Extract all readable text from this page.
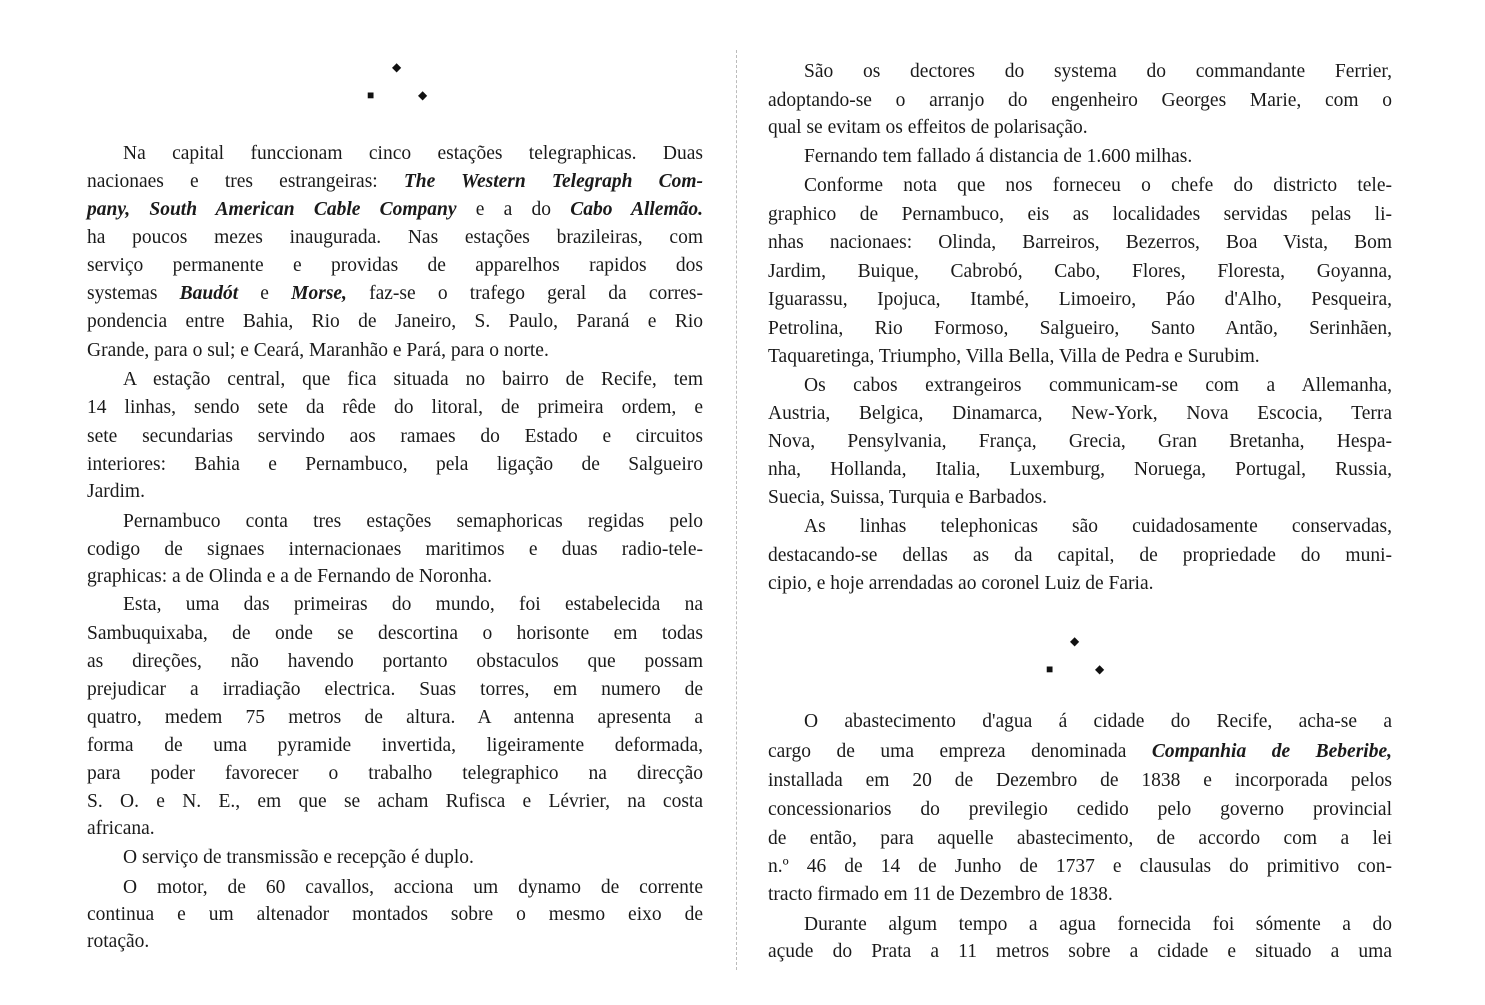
◆
■	◆
◆
■	◆
Na capital funccionam cinco estações telegraphicas. Duas
nacionaes e tres estrangeiras: The Western Telegraph Com-
pany, South American Cable Company e a do Cabo Allemão.
ha poucos mezes inaugurada. Nas estações brazileiras, com
serviço permanente e providas de apparelhos rapidos dos
systemas Baudót e Morse, faz-se o trafego geral da corres-
pondencia entre Bahia, Rio de Janeiro, S. Paulo, Paraná e Rio
Grande, para o sul; e Ceará, Maranhão e Pará, para o norte.
A estação central, que fica situada no bairro de Recife, tem
14 linhas, sendo sete da rêde do litoral, de primeira ordem, e
sete secundarias servindo aos ramaes do Estado e circuitos
interiores: Bahia e Pernambuco, pela ligação de Salgueiro
Jardim.
Pernambuco conta tres estações semaphoricas regidas pelo
codigo de signaes internacionaes maritimos e duas radio-tele-
graphicas: a de Olinda e a de Fernando de Noronha.
Esta, uma das primeiras do mundo, foi estabelecida na
Sambuquixaba, de onde se descortina o horisonte em todas
as direções, não havendo portanto obstaculos que possam
prejudicar a irradiação electrica. Suas torres, em numero de
quatro, medem 75 metros de altura. A antenna apresenta a
forma de uma pyramide invertida, ligeiramente deformada,
para poder favorecer o trabalho telegraphico na direcção
S. O. e N. E., em que se acham Rufisca e Lévrier, na costa
africana.
O serviço de transmissão e recepção é duplo.
O motor, de 60 cavallos, acciona um dynamo de corrente
continua e um altenador montados sobre o mesmo eixo de
rotação.
São os dectores do systema do commandante Ferrier,
adoptando-se o arranjo do engenheiro Georges Marie, com o
qual se evitam os effeitos de polarisação.
Fernando tem fallado á distancia de 1.600 milhas.
Conforme nota que nos forneceu o chefe do districto tele-
graphico de Pernambuco, eis as localidades servidas pelas li-
nhas nacionaes: Olinda, Barreiros, Bezerros, Boa Vista, Bom
Jardim, Buique, Cabrobó, Cabo, Flores, Floresta, Goyanna,
Iguarassu, Ipojuca, Itambé, Limoeiro, Páo d'Alho, Pesqueira,
Petrolina, Rio Formoso, Salgueiro, Santo Antão, Serinhãen,
Taquaretinga, Triumpho, Villa Bella, Villa de Pedra e Surubim.
Os cabos extrangeiros communicam-se com a Allemanha,
Austria, Belgica, Dinamarca, New-York, Nova Escocia, Terra
Nova, Pensylvania, França, Grecia, Gran Bretanha, Hespa-
nha, Hollanda, Italia, Luxemburg, Noruega, Portugal, Russia,
Suecia, Suissa, Turquia e Barbados.
As linhas telephonicas são cuidadosamente conservadas,
destacando-se dellas as da capital, de propriedade do muni-
cipio, e hoje arrendadas ao coronel Luiz de Faria.
O abastecimento d'agua á cidade do Recife, acha-se a
cargo de uma empreza denominada Companhia de Beberibe,
installada em 20 de Dezembro de 1838 e incorporada pelos
concessionarios do previlegio cedido pelo governo provincial
de então, para aquelle abastecimento, de accordo com a lei
n.º 46 de 14 de Junho de 1737 e clausulas do primitivo con-
tracto firmado em 11 de Dezembro de 1838.
Durante algum tempo a agua fornecida foi sómente a do
açude do Prata a 11 metros sobre a cidade e situado a uma
